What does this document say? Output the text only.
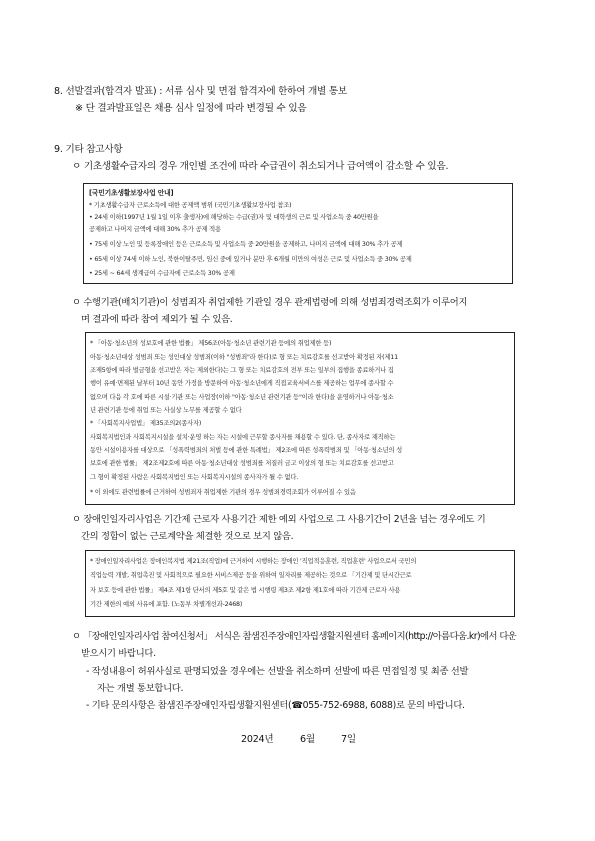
8. 선발결과(합격자 발표) : 서류 심사 및 면접 합격자에 한하여 개별 통보
※ 단 결과발표일은 채용 심사 일정에 따라 변경될 수 있음
9. 기타 참고사항
ㅇ 기초생활수급자의 경우 개인별 조건에 따라 수급권이 취소되거나 급여액이 감소할 수 있음.
[국민기초생활보장사업 안내]
* 기초생활수급자 근로소득에 대한 공제액 범위 (국민기초생활보장사업 참조)
• 24세 이하(1997년 1월 1일 이후 출생자)에 해당하는 수급(권)자 및 대학생의 근로 및 사업소득 중 40만원을
공제하고 나머지 금액에 대해 30% 추가 공제 적용
• 75세 이상 노인 및 등록장애인 등은 근로소득 및 사업소득 중 20만원을 공제하고, 나머지 금액에 대해 30% 추가 공제
• 65세 이상 74세 이하 노인, 북한이탈주민, 임신 중에 있거나 분만 후 6개월 미만의 여성은 근로 및 사업소득 중 30% 공제
• 25세 ~ 64세 생계급여 수급자에 근로소득 30% 공제
ㅇ 수행기관(배치기관)이 성범죄자 취업제한 기관일 경우 관계법령에 의해 성범죄경력조회가 이루어지
며 결과에 따라 참여 제외가 될 수 있음.
* 「아동·청소년의 성보호에 관한 법률」 제56조(아동·청소년 관련기관 등에의 취업제한 등)
아동·청소년대상 성범죄 또는 성인대상 성범죄(이하 "성범죄"라 한다)로 형 또는 치료감호를 선고받아 확정된 자(제11
조제5항에 따라 벌금형을 선고받은 자는 제외한다)는 그 형 또는 치료감호의 전부 또는 일부의 집행을 종료하거나 집
행이 유예·면제된 날부터 10년 동안 가정을 방문하여 아동·청소년에게 직접교육서비스를 제공하는 업무에 종사할 수
없으며 다음 각 호에 따른 시설·기관 또는 사업장(이하 "아동·청소년 관련기관 등"이라 한다)을 운영하거나 아동·청소
년 관련기관 등에 취업 또는 사실상 노무를 제공할 수 없다
* 「사회복지사업법」 제35조의2(종사자)
사회복지법인과 사회복지시설을 설치·운영 하는 자는 시설에 근무할 종사자를 채용할 수 있다. 단, 종사자로 재직하는
동안 시설이용자를 대상으로 「성폭력범죄의 처벌 등에 관한 특례법」 제2조에 따른 성폭력범죄 및 「아동·청소년의 성
보호에 관한 법률」 제2조제2호에 따른 아동·청소년대상 성범죄를 저질러 금고 이상의 형 또는 치료감호를 선고받고
그 형이 확정된 사람은 사회복지법인 또는 사회복지시설의 종사자가 될 수 없다.
* 이 외에도 관련법률에 근거하여 성범죄자 취업제한 기관의 경우 성범죄경력조회가 이루어질 수 있음
ㅇ 장애인일자리사업은 기간제 근로자 사용기간 제한 예외 사업으로 그 사용기간이 2년을 넘는 경우에도 기
간의 정함이 없는 근로계약을 체결한 것으로 보지 않음.
* 장애인일자리사업은 장애인복지법 제21조(직업)에 근거하여 시행하는 장애인 '직업적응훈련, 직업훈련' 사업으로서 국민의
직업능력 개발, 취업촉진 및 사회적으로 필요한 서비스제공 등을 위하여 일자리를 제공하는 것으로 「기간제 및 단시간근로
자 보호 등에 관한 법률」 제4조 제1항 단서의 제5호 및 같은 법 시행령 제3조 제2항 제1호에 따라 기간제 근로자 사용
기간 제한의 예외 사유에 포함. (노동부 차별개선과-2468)
ㅇ 「장애인일자리사업 참여신청서」 서식은 참샘진주장애인자립생활지원센터 홈페이지(http://아름다움.kr)에서 다운
받으시기 바랍니다.
- 작성내용이 허위사실로 판명되었을 경우에는 선발을 취소하며 선발에 따른 면접일정 및 최종 선발
자는 개별 통보합니다.
- 기타 문의사항은 참샘진주장애인자립생활지원센터(☎055-752-6988, 6088)로 문의 바랍니다.
2024년	6월	7일
